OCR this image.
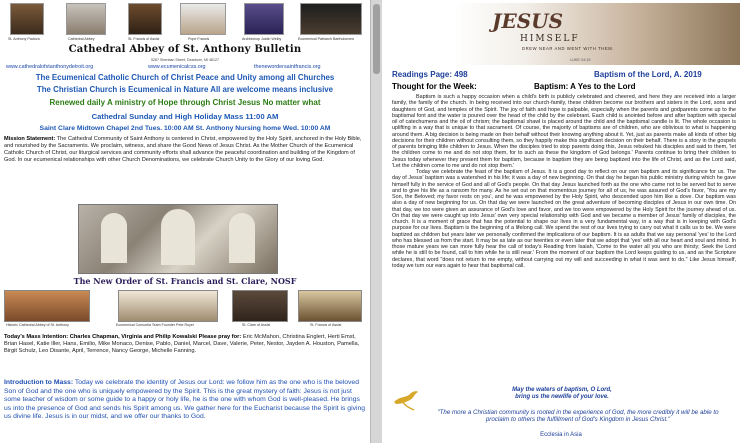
St. Anthony Padova	Cathedral Abbey	St. Francis of Assisi	Pope Francis	Archbishop Justin Welby	Ecumenical Patriarch Bartholomew
Cathedral Abbey of St. Anthony Bulletin
5267 Sheridan Street, Dearborn, MI 48127
www.cathedralofstanthonydetroit.org	www.ecumenicalcss.org	thenewordersaintfrancis.org
The Ecumenical Catholic Church of Christ Peace and Unity among all Churches
The Christian Church is Ecumenical in Nature All are welcome means inclusive
Renewed daily A ministry of Hope through Christ Jesus No matter what
Cathedral Sunday and High Holiday Mass 11:00 AM
Saint Clare Midtown Chapel 2nd Tues. 10:00 AM St. Anthony Nursing home Wed. 10:00 AM
Mission Statement: The Cathedral Community of Saint Anthony is centered in Christ, empowered by the Holy Spirit, anchored in the Holy Bible, and nourished by the Sacraments. We proclaim, witness, and share the Good News of Jesus Christ. As the Mother Church of the Ecumenical Catholic Church of Christ, our liturgical services and community efforts shall advance the peaceful coordination and building of the Kingdom of God. In our ecumenical relationships with other Church Denominations, we celebrate Church Unity to the Glory of our loving God.
The New Order of St. Francis and St. Clare, NOSF
Historic Cathedral Abbey of St. Anthony	Ecumenical Consortia Team Founder Pete Royer	St. Clare of Assisi	St. Francis of Assisi
Today's Mass Intention: Charles Chapman, Virginia and Philip Kowalski Please pray for: Eric McMahon, Christina Englert, Herti Emst, Brian Hasel, Katie Iller, Hans, Emilio, Mike Monaco, Denise, Pablo, Daniel, Marcel, Dave, Valerie, Peter, Nestor, Jayden A. Houston, Pamella, Birgit Schulz, Leo Disante, April, Terrence, Nancy George, Michelle Fanning.
Introduction to Mass: Today we celebrate the identity of Jesus our Lord: we follow him as the one who is the beloved Son of God and the one who is uniquely empowered by the Spirit. This is the great mystery of faith: Jesus is not just some teacher of wisdom or some guide to a happy or holy life, he is the one with whom God is well-pleased. He brings us into the presence of God and sends his Spirit among us. We gather here for the Eucharist because the Spirit is giving us divine life. Jesus is in our midst, and we offer our thanks to God.
JESUS
HIMSELF
DREW NEAR AND WENT WITH THEM.
LUKE 24:15
Readings Page: 498	Baptism of the Lord, A. 2019
Thought for the Week:	Baptism: A Yes to the Lord

Baptism is such a happy occasion when a child's birth is publicly celebrated and cheered, and here they are received into a larger family, the family of the church. In being received into our church-family, these children become our brothers and sisters in the Lord, sons and daughters of God, and temples of the Spirit. The joy of faith and hope is palpable, especially when the parents and godparents come up to the baptismal font and the water is poured over the head of the child by the celebrant. Each child is anointed before and after baptism with special oil of catechumens and the oil of chrism; the baptismal shawl is placed around the child and the baptismal candle is lit. The whole occasion is uplifting in a way that is unique to that sacrament. Of course, the majority of baptisms are of children, who are oblivious to what is happening around them. A big decision is being made on their behalf without their knowing anything about it. Yet, just as parents make all kinds of other big decisions for their children without consulting them, so they happily make this significant decision on their behalf. There is a story in the gospels of parents bringing little children to Jesus. When the disciples tried to stop parents doing this, Jesus rebuked his disciples and said to them, 'let the children come to me and do not stop them, for to such as these the kingdom of God belongs.' Parents continue to bring their children to Jesus today whenever they present them for baptism, because in baptism they are being baptized into the life of Christ, and as the Lord said, 'Let the children come to me and do not stop them.'

Today we celebrate the feast of the baptism of Jesus. It is a good day to reflect on our own baptism and its significance for us. The day of Jesus' baptism was a watershed in his life; it was a day of new beginning. On that day he began his public ministry during which he gave himself fully in the service of God and all of God's people. On that day Jesus launched forth as the one who came not to be served but to serve and to give his life as a ransom for many. As he set out on that momentous journey for all of us, he was assured of God's favor, 'You are my Son, the Beloved; my favor rests on you', and he was empowered by the Holy Spirit, who descended upon him like a dove. Our baptism was also a day of new beginning for us. On that day we were launched on the great adventure of becoming disciples of Jesus in our own time. On that day, we too were given an assurance of God's love and favor, and we too were empowered by the Holy Spirit for the journey ahead of us. On that day we were caught up into Jesus' own very special relationship with God and we became a member of Jesus' family of disciples, the church. It is a moment of grace that has the potential to shape our lives in a very fundamental way, in a way that is in keeping with God's purpose for our lives. Baptism is the beginning of a lifelong call. We spend the rest of our lives trying to carry out what it calls us to be. We were baptized as children but years later we personally confirmed the implications of our baptism. It is as adults that we say personal 'yes' to the Lord who has blessed us from the start. It may be as late as our twenties or even later that we adopt that 'yes' with all our heart and soul and mind. In those mature years we can more fully hear the call of today's Reading from Isaiah, 'Come to the water all you who are thirsty; Seek the Lord while he is still to be found, call to him while he is still near.' From the moment of our baptism the Lord keeps guiding to us, and as the Scripture declares, that word "does not return to me empty, without carrying out my will and succeeding in what it was sent to do." Like Jesus himself, today we turn our ears again to hear that baptismal call.

May the waters of baptism, O Lord,
bring us the newlife of your love.
"The more a Christian community is rooted in the experience of God, the more credibly it will be able to proclaim to others the fulfillment of God's Kingdom in Jesus Christ."
Ecclesia in Asia
